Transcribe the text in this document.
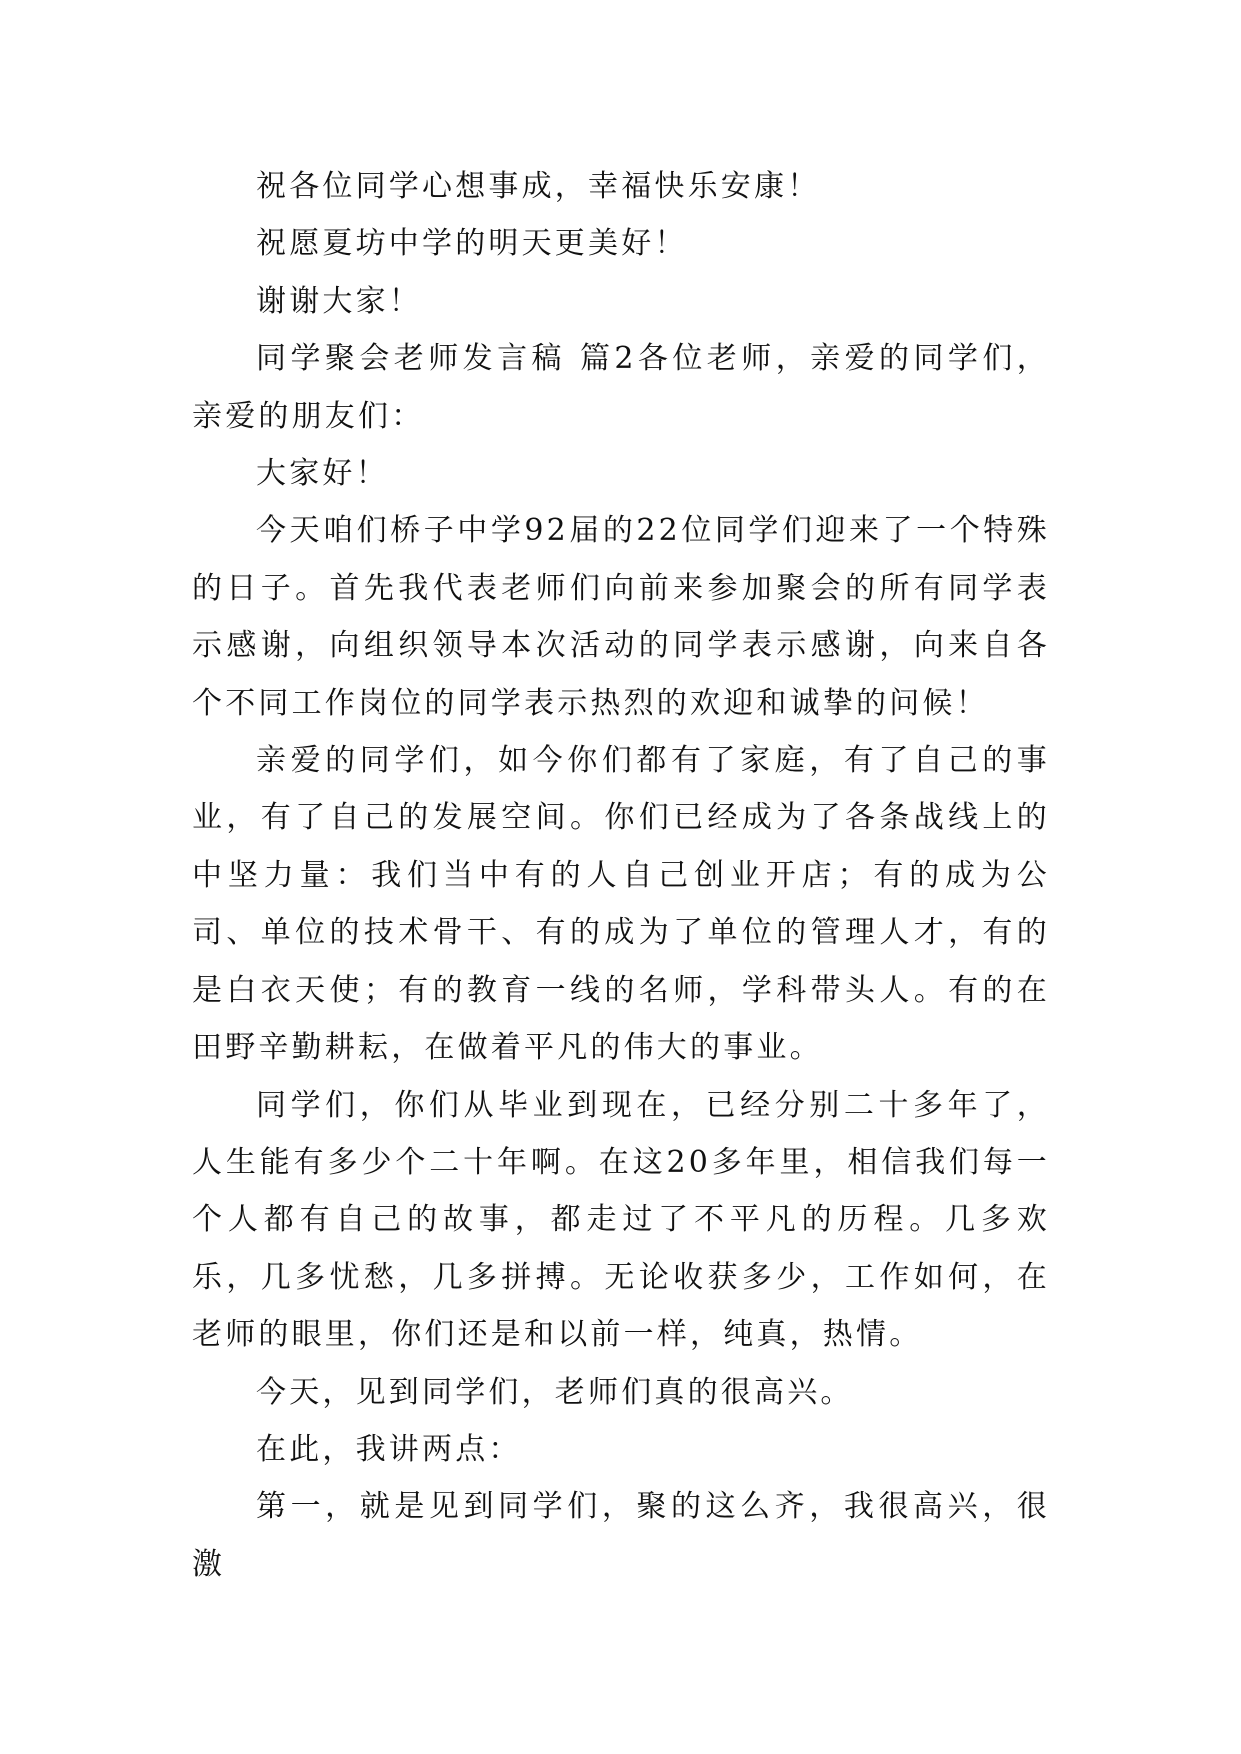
祝各位同学心想事成，幸福快乐安康！

祝愿夏坊中学的明天更美好！

谢谢大家！

同学聚会老师发言稿 篇2各位老师，亲爱的同学们，亲爱的朋友们：

大家好！

今天咱们桥子中学92届的22位同学们迎来了一个特殊的日子。首先我代表老师们向前来参加聚会的所有同学表示感谢，向组织领导本次活动的同学表示感谢，向来自各个不同工作岗位的同学表示热烈的欢迎和诚挚的问候！

亲爱的同学们，如今你们都有了家庭，有了自己的事业，有了自己的发展空间。你们已经成为了各条战线上的中坚力量：我们当中有的人自己创业开店；有的成为公司、单位的技术骨干、有的成为了单位的管理人才，有的是白衣天使；有的教育一线的名师，学科带头人。有的在田野辛勤耕耘，在做着平凡的伟大的事业。

同学们，你们从毕业到现在，已经分别二十多年了，人生能有多少个二十年啊。在这20多年里，相信我们每一个人都有自己的故事，都走过了不平凡的历程。几多欢乐，几多忧愁，几多拼搏。无论收获多少，工作如何，在老师的眼里，你们还是和以前一样，纯真，热情。

今天，见到同学们，老师们真的很高兴。

在此，我讲两点：

第一，就是见到同学们，聚的这么齐，我很高兴，很激
